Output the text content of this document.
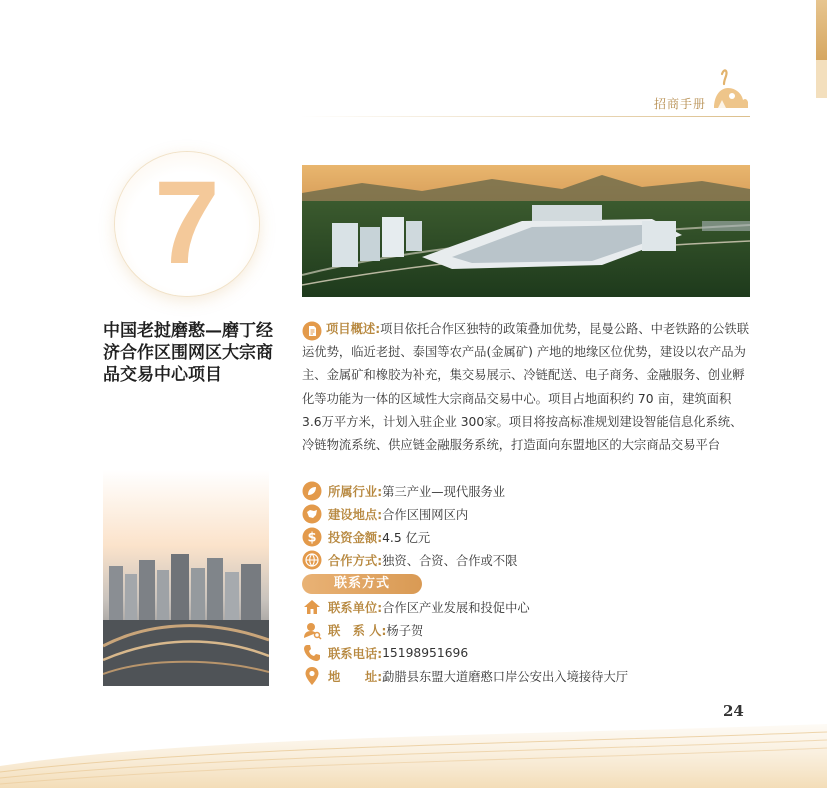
招商手册
7
中国老挝磨憨—磨丁经济合作区围网区大宗商品交易中心项目
项目概述:项目依托合作区独特的政策叠加优势，昆曼公路、中老铁路的公铁联运优势，临近老挝、泰国等农产品(金属矿) 产地的地缘区位优势，建设以农产品为主、金属矿和橡胶为补充，集交易展示、冷链配送、电子商务、金融服务、创业孵化等功能为一体的区域性大宗商品交易中心。项目占地面积约 70 亩，建筑面积 3.6万平方米，计划入驻企业 300家。项目将按高标准规划建设智能信息化系统、冷链物流系统、供应链金融服务系统，打造面向东盟地区的大宗商品交易平台
所属行业: 第三产业—现代服务业
建设地点: 合作区围网区内
$ 投资金额: 4.5 亿元
合作方式: 独资、合资、合作或不限
联系方式
联系单位: 合作区产业发展和投促中心
联　系 人: 杨子贺
联系电话: 15198951696
地　　址: 勐腊县东盟大道磨憨口岸公安出入境接待大厅
24
